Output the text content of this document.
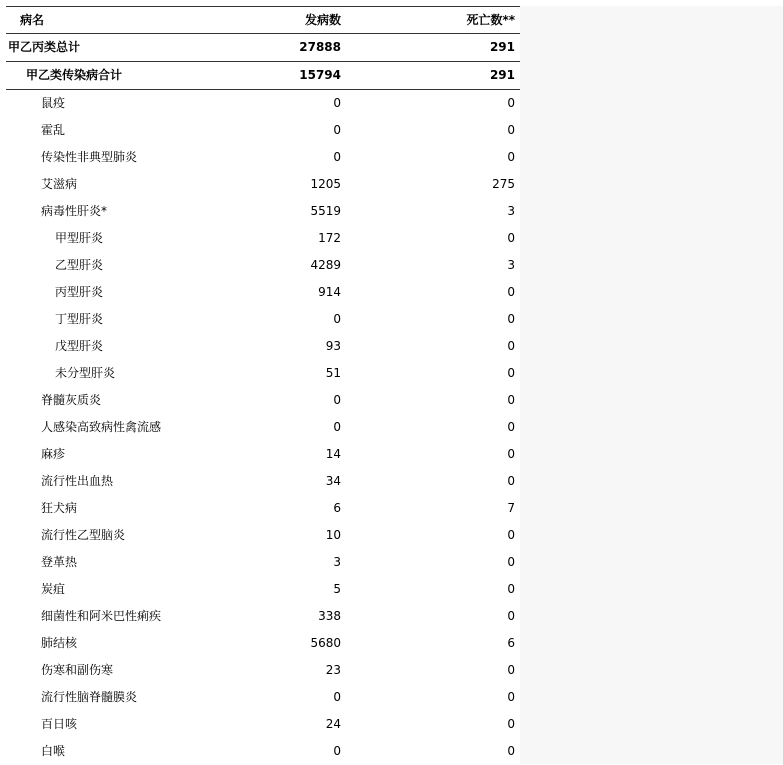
病名	发病数	死亡数**
甲乙丙类总计	27888	291
甲乙类传染病合计	15794	291
鼠疫	0	0
霍乱	0	0
传染性非典型肺炎	0	0
艾滋病	1205	275
病毒性肝炎*	5519	3
甲型肝炎	172	0
乙型肝炎	4289	3
丙型肝炎	914	0
丁型肝炎	0	0
戊型肝炎	93	0
未分型肝炎	51	0
脊髓灰质炎	0	0
人感染高致病性禽流感	0	0
麻疹	14	0
流行性出血热	34	0
狂犬病	6	7
流行性乙型脑炎	10	0
登革热	3	0
炭疽	5	0
细菌性和阿米巴性痢疾	338	0
肺结核	5680	6
伤寒和副伤寒	23	0
流行性脑脊髓膜炎	0	0
百日咳	24	0
白喉	0	0
